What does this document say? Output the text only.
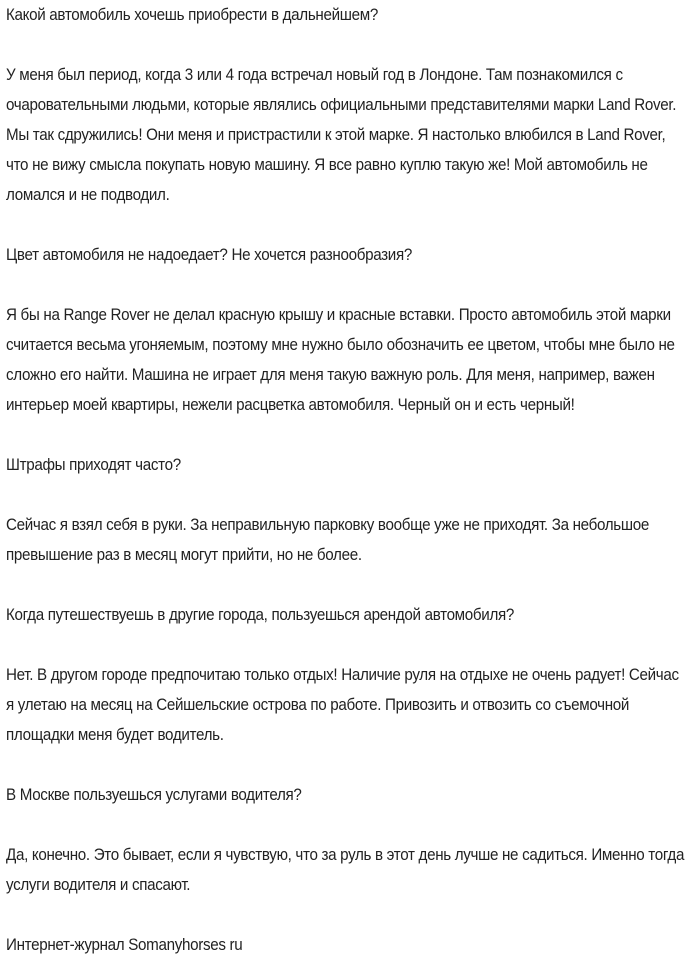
Какой автомобиль хочешь приобрести в дальнейшем?

У меня был период, когда 3 или 4 года встречал новый год в Лондоне. Там познакомился с очаровательными людьми, которые являлись официальными представителями марки Land Rover. Мы так сдружились! Они меня и пристрастили к этой марке. Я настолько влюбился в Land Rover, что не вижу смысла покупать новую машину. Я все равно куплю такую же! Мой автомобиль не ломался и не подводил.

Цвет автомобиля не надоедает? Не хочется разнообразия?

Я бы на Range Rover не делал красную крышу и красные вставки. Просто автомобиль этой марки считается весьма угоняемым, поэтому мне нужно было обозначить ее цветом, чтобы мне было не сложно его найти. Машина не играет для меня такую важную роль. Для меня, например, важен интерьер моей квартиры, нежели расцветка автомобиля. Черный он и есть черный!

Штрафы приходят часто?

Сейчас я взял себя в руки. За неправильную парковку вообще уже не приходят. За небольшое превышение раз в месяц могут прийти, но не более.

Когда путешествуешь в другие города, пользуешься арендой автомобиля?

Нет. В другом городе предпочитаю только отдых! Наличие руля на отдыхе не очень радует! Сейчас я улетаю на месяц на Сейшельские острова по работе. Привозить и отвозить со съемочной площадки меня будет водитель.

В Москве пользуешься услугами водителя?

Да, конечно. Это бывает, если я чувствую, что за руль в этот день лучше не садиться. Именно тогда услуги водителя и спасают.

Интернет-журнал Somanyhorses ru
